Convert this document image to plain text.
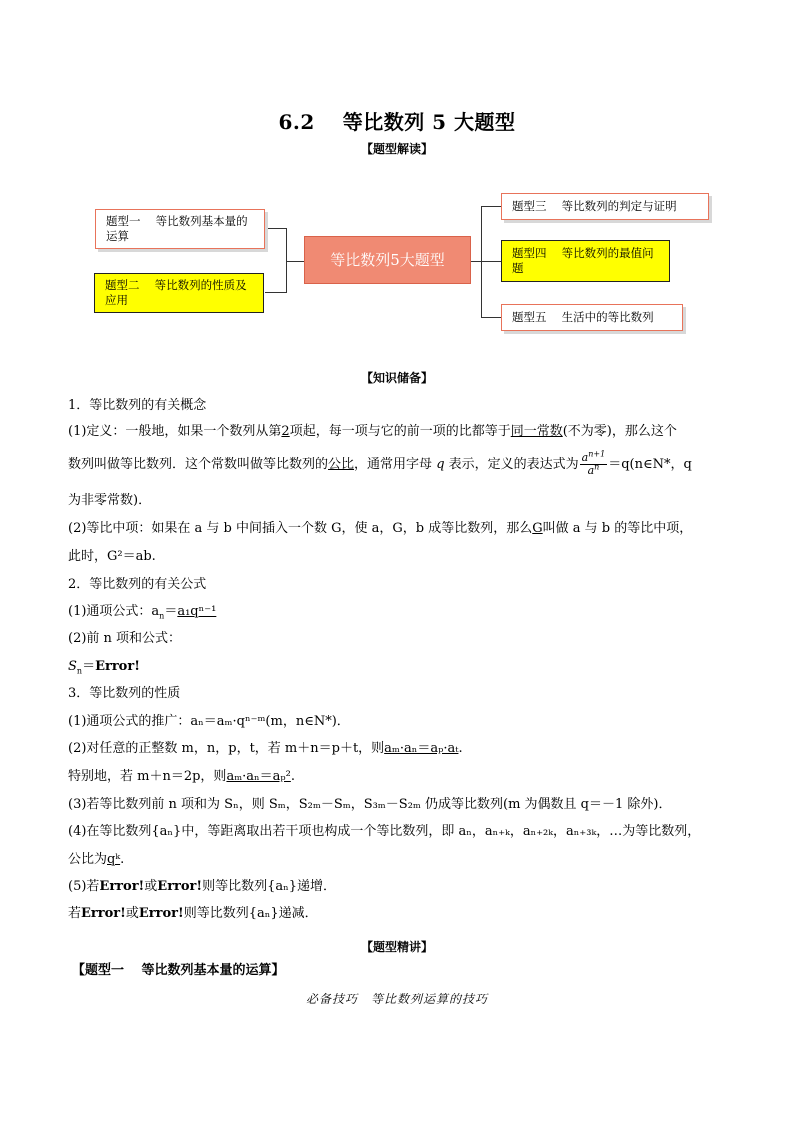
6.2　 等比数列 5 大题型
【题型解读】
题型一　 等比数列基本量的运算
题型二　 等比数列的性质及应用
等比数列5大题型
题型三　 等比数列的判定与证明
题型四　 等比数列的最值问题
题型五　 生活中的等比数列
【知识储备】
1．等比数列的有关概念
(1)定义：一般地，如果一个数列从第2项起，每一项与它的前一项的比都等于同一常数(不为零)，那么这个
数列叫做等比数列．这个常数叫做等比数列的公比，通常用字母 q 表示，定义的表达式为 $\frac{a^{n+1}}{a^n}$ ＝q(n∈N*，q
为非零常数)．
(2)等比中项：如果在 a 与 b 中间插入一个数 G，使 a，G，b 成等比数列，那么G叫做 a 与 b 的等比中项，
此时，G²＝ab.
2．等比数列的有关公式
(1)通项公式：$a_n=a_1q^{n-1}$
(2)前 n 项和公式：
$S_n=Error$!
3．等比数列的性质
(1)通项公式的推广：aₙ＝aₘ·qⁿ⁻ᵐ(m，n∈N*)．
(2)对任意的正整数 m，n，p，t，若 m＋n＝p＋t，则aₘ·aₙ＝aₚ·aₜ.
特别地，若 m＋n＝2p，则aₘ·aₙ＝aₚ².
(3)若等比数列前 n 项和为 Sₙ，则 Sₘ，S₂ₘ－Sₘ，S₃ₘ－S₂ₘ 仍成等比数列(m 为偶数且 q＝－1 除外)．
(4)在等比数列{aₙ}中，等距离取出若干项也构成一个等比数列，即 aₙ，aₙ₊ₖ，aₙ₊₂ₖ，aₙ₊₃ₖ，…为等比数列，
公比为qᵏ.
(5)若Error!或Error!则等比数列{aₙ}递增．
若Error!或Error!则等比数列{aₙ}递减．
【题型精讲】
【题型一　 等比数列基本量的运算】
必备技巧　等比数列运算的技巧
